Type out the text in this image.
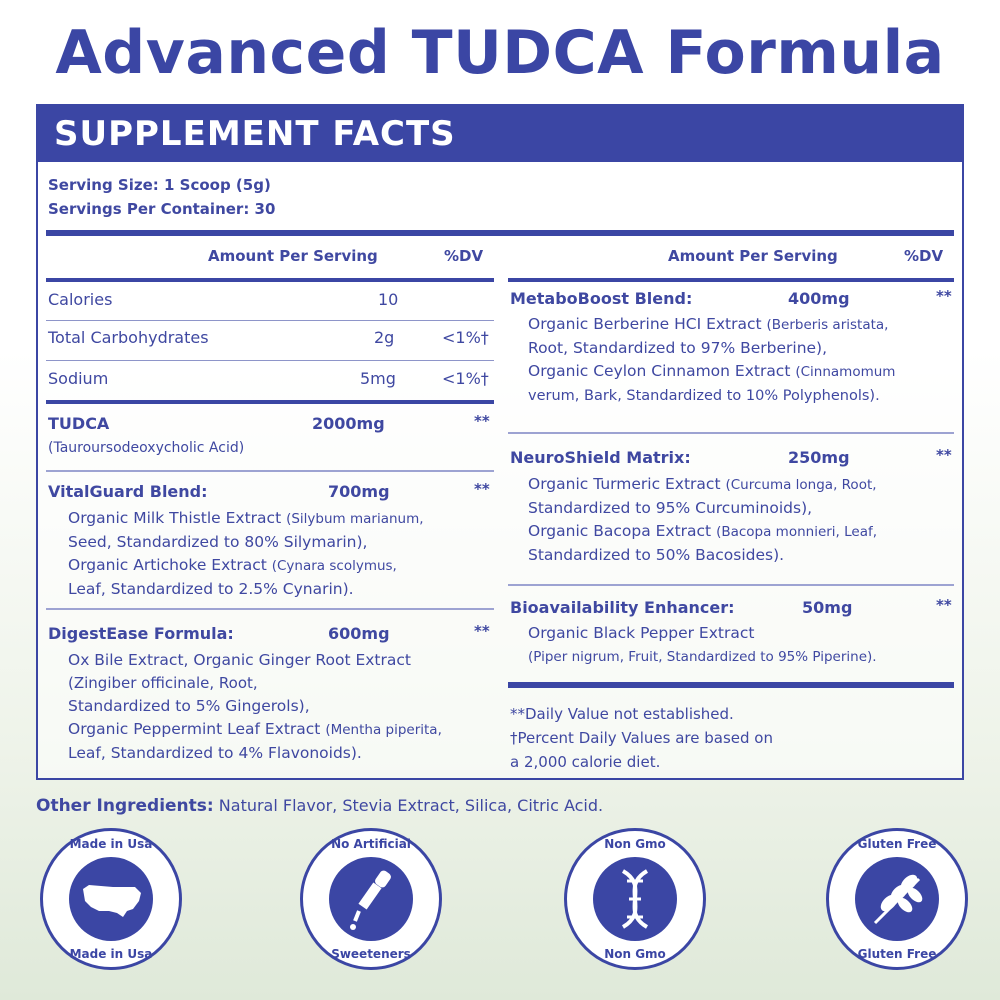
Advanced TUDCA Formula
SUPPLEMENT FACTS
Serving Size: 1 Scoop (5g)
Servings Per Container: 30
Amount Per Serving	%DV	Amount Per Serving	%DV
Calories	10
Total Carbohydrates	2g	<1%†
Sodium	5mg	<1%†
TUDCA	2000mg	**
(Tauroursodeoxycholic Acid)
VitalGuard Blend:	700mg	**
Organic Milk Thistle Extract (Silybum marianum,
Seed, Standardized to 80% Silymarin),
Organic Artichoke Extract (Cynara scolymus,
Leaf, Standardized to 2.5% Cynarin).
DigestEase Formula:	600mg	**
Ox Bile Extract, Organic Ginger Root Extract
(Zingiber officinale, Root,
Standardized to 5% Gingerols),
Organic Peppermint Leaf Extract (Mentha piperita,
Leaf, Standardized to 4% Flavonoids).
MetaboBoost Blend:	400mg	**
Organic Berberine HCI Extract (Berberis aristata,
Root, Standardized to 97% Berberine),
Organic Ceylon Cinnamon Extract (Cinnamomum
verum, Bark, Standardized to 10% Polyphenols).
NeuroShield Matrix:	250mg	**
Organic Turmeric Extract (Curcuma longa, Root,
Standardized to 95% Curcuminoids),
Organic Bacopa Extract (Bacopa monnieri, Leaf,
Standardized to 50% Bacosides).
Bioavailability Enhancer:	50mg	**
Organic Black Pepper Extract
(Piper nigrum, Fruit, Standardized to 95% Piperine).
**Daily Value not established.
†Percent Daily Values are based on
a 2,000 calorie diet.
Other Ingredients: Natural Flavor, Stevia Extract, Silica, Citric Acid.
Made in Usa
Made in Usa
No Artificial
Sweeteners
Non Gmo
Non Gmo
Gluten Free
Gluten Free
